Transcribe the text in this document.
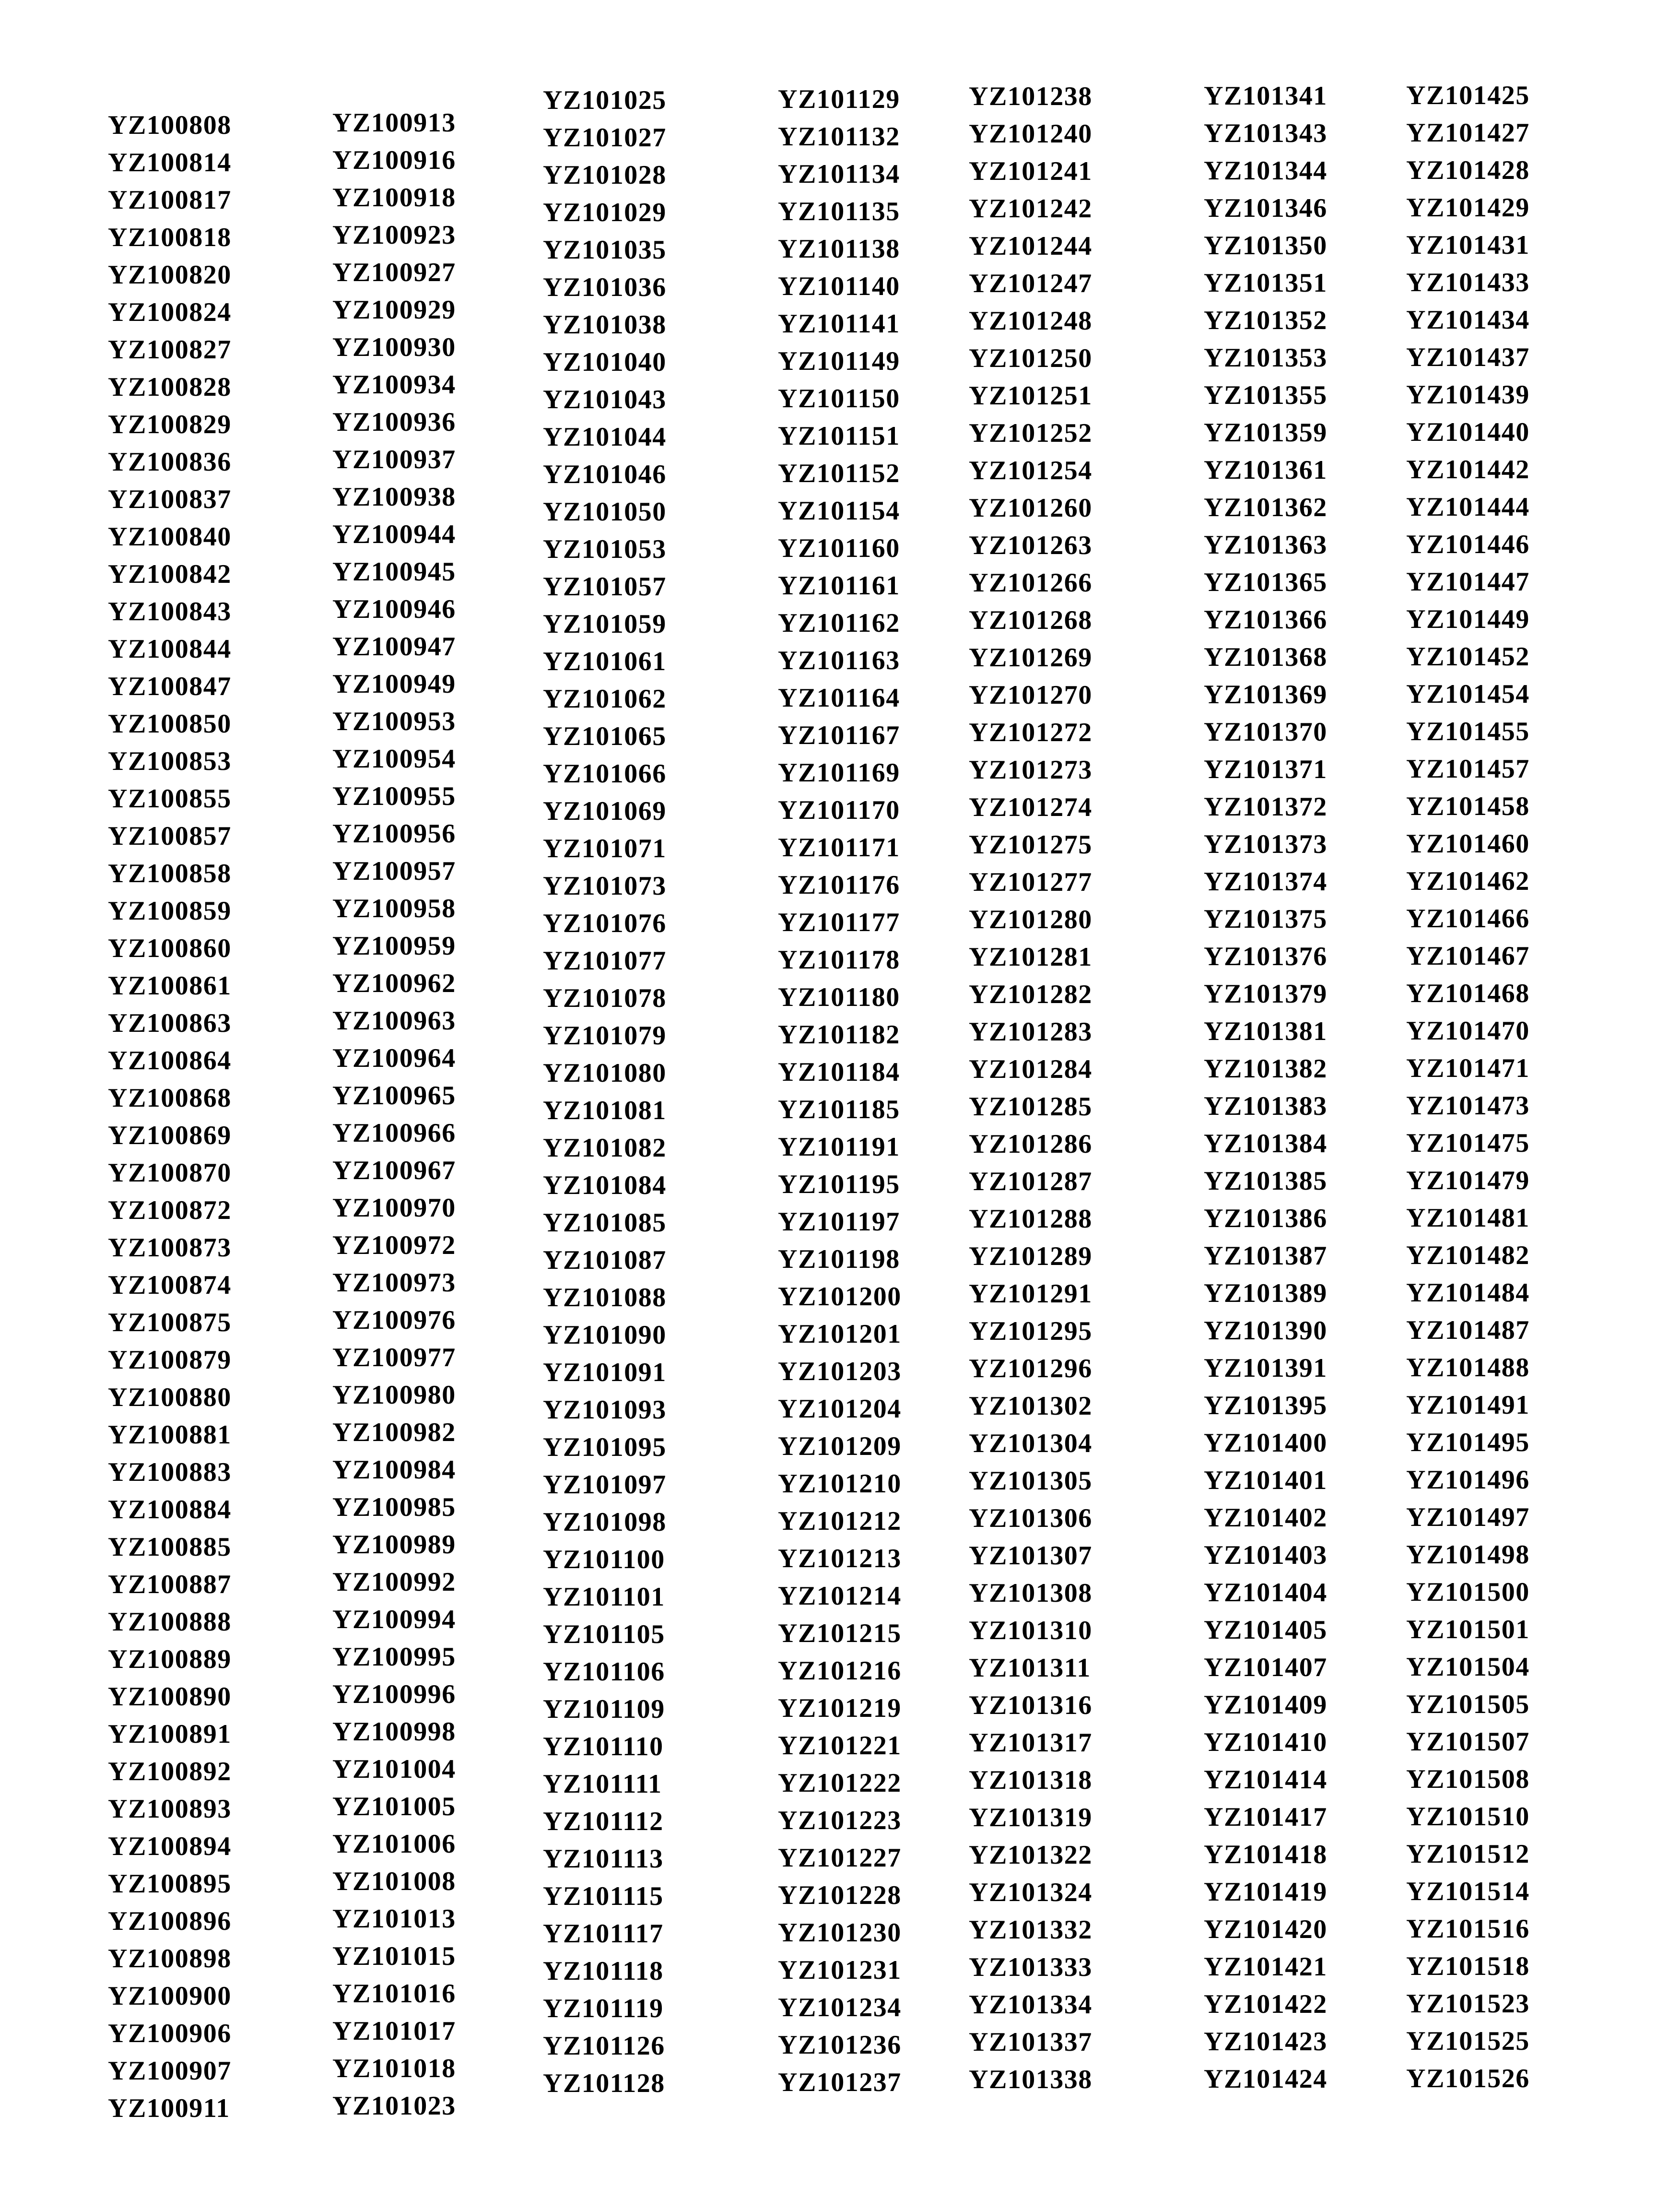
YZ100808
YZ100814
YZ100817
YZ100818
YZ100820
YZ100824
YZ100827
YZ100828
YZ100829
YZ100836
YZ100837
YZ100840
YZ100842
YZ100843
YZ100844
YZ100847
YZ100850
YZ100853
YZ100855
YZ100857
YZ100858
YZ100859
YZ100860
YZ100861
YZ100863
YZ100864
YZ100868
YZ100869
YZ100870
YZ100872
YZ100873
YZ100874
YZ100875
YZ100879
YZ100880
YZ100881
YZ100883
YZ100884
YZ100885
YZ100887
YZ100888
YZ100889
YZ100890
YZ100891
YZ100892
YZ100893
YZ100894
YZ100895
YZ100896
YZ100898
YZ100900
YZ100906
YZ100907
YZ100911
YZ100913
YZ100916
YZ100918
YZ100923
YZ100927
YZ100929
YZ100930
YZ100934
YZ100936
YZ100937
YZ100938
YZ100944
YZ100945
YZ100946
YZ100947
YZ100949
YZ100953
YZ100954
YZ100955
YZ100956
YZ100957
YZ100958
YZ100959
YZ100962
YZ100963
YZ100964
YZ100965
YZ100966
YZ100967
YZ100970
YZ100972
YZ100973
YZ100976
YZ100977
YZ100980
YZ100982
YZ100984
YZ100985
YZ100989
YZ100992
YZ100994
YZ100995
YZ100996
YZ100998
YZ101004
YZ101005
YZ101006
YZ101008
YZ101013
YZ101015
YZ101016
YZ101017
YZ101018
YZ101023
YZ101025
YZ101027
YZ101028
YZ101029
YZ101035
YZ101036
YZ101038
YZ101040
YZ101043
YZ101044
YZ101046
YZ101050
YZ101053
YZ101057
YZ101059
YZ101061
YZ101062
YZ101065
YZ101066
YZ101069
YZ101071
YZ101073
YZ101076
YZ101077
YZ101078
YZ101079
YZ101080
YZ101081
YZ101082
YZ101084
YZ101085
YZ101087
YZ101088
YZ101090
YZ101091
YZ101093
YZ101095
YZ101097
YZ101098
YZ101100
YZ101101
YZ101105
YZ101106
YZ101109
YZ101110
YZ101111
YZ101112
YZ101113
YZ101115
YZ101117
YZ101118
YZ101119
YZ101126
YZ101128
YZ101129
YZ101132
YZ101134
YZ101135
YZ101138
YZ101140
YZ101141
YZ101149
YZ101150
YZ101151
YZ101152
YZ101154
YZ101160
YZ101161
YZ101162
YZ101163
YZ101164
YZ101167
YZ101169
YZ101170
YZ101171
YZ101176
YZ101177
YZ101178
YZ101180
YZ101182
YZ101184
YZ101185
YZ101191
YZ101195
YZ101197
YZ101198
YZ101200
YZ101201
YZ101203
YZ101204
YZ101209
YZ101210
YZ101212
YZ101213
YZ101214
YZ101215
YZ101216
YZ101219
YZ101221
YZ101222
YZ101223
YZ101227
YZ101228
YZ101230
YZ101231
YZ101234
YZ101236
YZ101237
YZ101238
YZ101240
YZ101241
YZ101242
YZ101244
YZ101247
YZ101248
YZ101250
YZ101251
YZ101252
YZ101254
YZ101260
YZ101263
YZ101266
YZ101268
YZ101269
YZ101270
YZ101272
YZ101273
YZ101274
YZ101275
YZ101277
YZ101280
YZ101281
YZ101282
YZ101283
YZ101284
YZ101285
YZ101286
YZ101287
YZ101288
YZ101289
YZ101291
YZ101295
YZ101296
YZ101302
YZ101304
YZ101305
YZ101306
YZ101307
YZ101308
YZ101310
YZ101311
YZ101316
YZ101317
YZ101318
YZ101319
YZ101322
YZ101324
YZ101332
YZ101333
YZ101334
YZ101337
YZ101338
YZ101341
YZ101343
YZ101344
YZ101346
YZ101350
YZ101351
YZ101352
YZ101353
YZ101355
YZ101359
YZ101361
YZ101362
YZ101363
YZ101365
YZ101366
YZ101368
YZ101369
YZ101370
YZ101371
YZ101372
YZ101373
YZ101374
YZ101375
YZ101376
YZ101379
YZ101381
YZ101382
YZ101383
YZ101384
YZ101385
YZ101386
YZ101387
YZ101389
YZ101390
YZ101391
YZ101395
YZ101400
YZ101401
YZ101402
YZ101403
YZ101404
YZ101405
YZ101407
YZ101409
YZ101410
YZ101414
YZ101417
YZ101418
YZ101419
YZ101420
YZ101421
YZ101422
YZ101423
YZ101424
YZ101425
YZ101427
YZ101428
YZ101429
YZ101431
YZ101433
YZ101434
YZ101437
YZ101439
YZ101440
YZ101442
YZ101444
YZ101446
YZ101447
YZ101449
YZ101452
YZ101454
YZ101455
YZ101457
YZ101458
YZ101460
YZ101462
YZ101466
YZ101467
YZ101468
YZ101470
YZ101471
YZ101473
YZ101475
YZ101479
YZ101481
YZ101482
YZ101484
YZ101487
YZ101488
YZ101491
YZ101495
YZ101496
YZ101497
YZ101498
YZ101500
YZ101501
YZ101504
YZ101505
YZ101507
YZ101508
YZ101510
YZ101512
YZ101514
YZ101516
YZ101518
YZ101523
YZ101525
YZ101526
